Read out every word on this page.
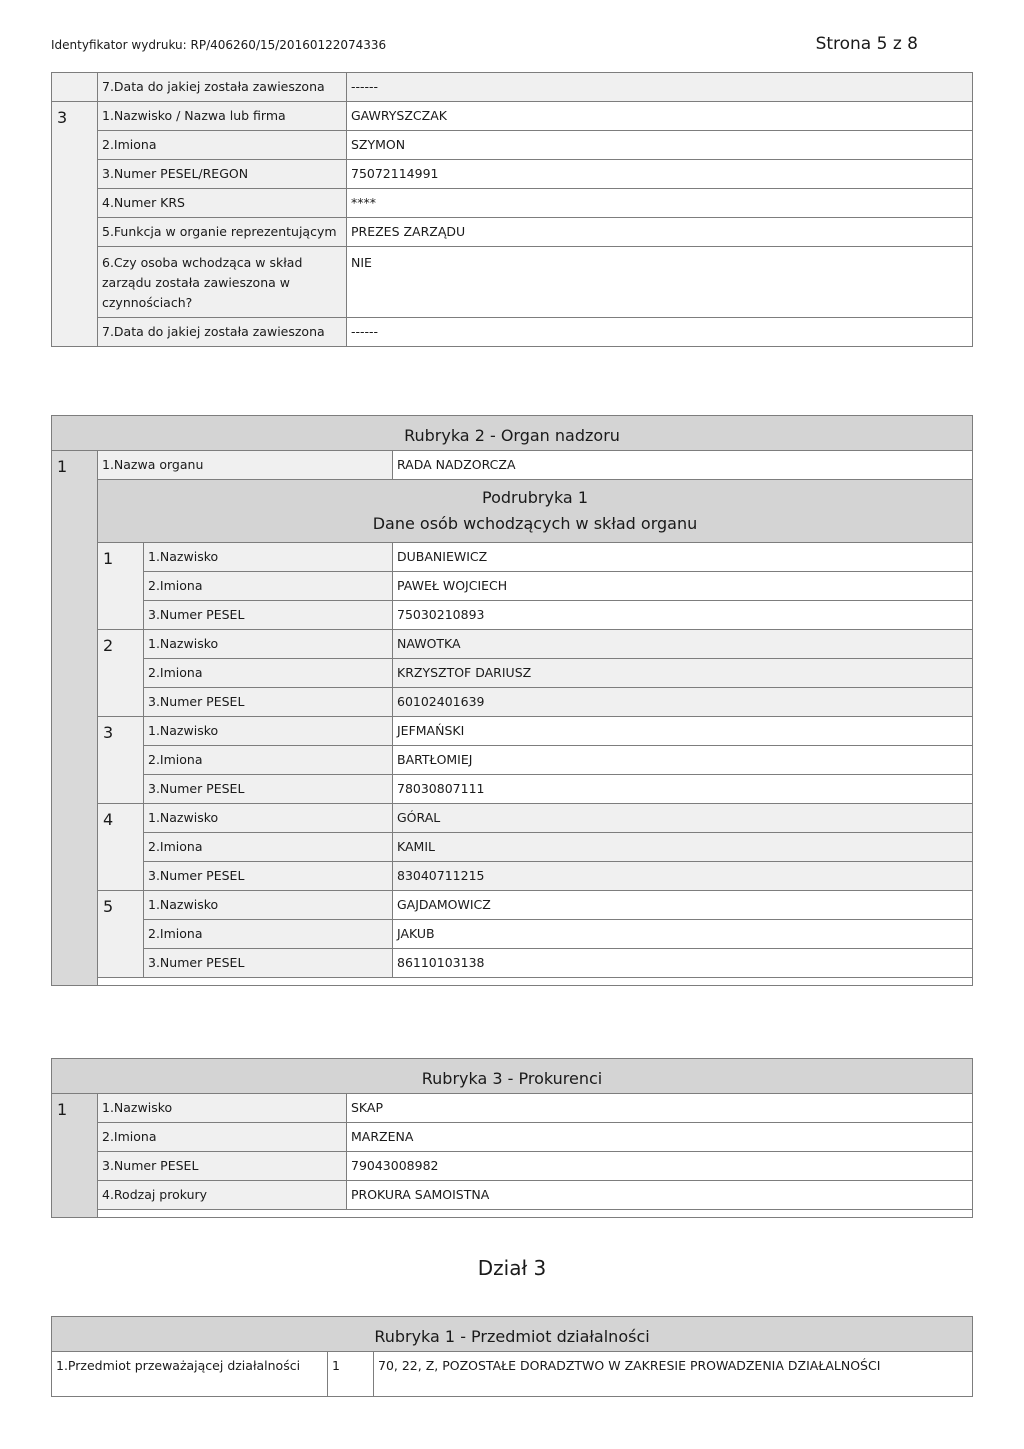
Identyfikator wydruku: RP/406260/15/20160122074336	Strona 5 z 8
	7.Data do jakiej została zawieszona	------
3	1.Nazwisko / Nazwa lub firma	GAWRYSZCZAK
	2.Imiona	SZYMON
	3.Numer PESEL/REGON	75072114991
	4.Numer KRS	****
	5.Funkcja w organie reprezentującym	PREZES ZARZĄDU
	6.Czy osoba wchodząca w skład zarządu została zawieszona w czynnościach?	NIE
	7.Data do jakiej została zawieszona	------
Rubryka 2 - Organ nadzoru			
1	1.Nazwa organu		RADA NADZORCZA

	Podrubryka 1
Dane osób wchodzących w skład organu		

	1	1.Nazwisko	DUBANIEWICZ
		2.Imiona	PAWEŁ WOJCIECH
		3.Numer PESEL	75030210893
	2	1.Nazwisko	NAWOTKA
		2.Imiona	KRZYSZTOF DARIUSZ
		3.Numer PESEL	60102401639
	3	1.Nazwisko	JEFMAŃSKI
		2.Imiona	BARTŁOMIEJ
		3.Numer PESEL	78030807111
	4	1.Nazwisko	GÓRAL
		2.Imiona	KAMIL
		3.Numer PESEL	83040711215
	5	1.Nazwisko	GAJDAMOWICZ
		2.Imiona	JAKUB
		3.Numer PESEL	86110103138

Rubryka 3 - Prokurenci		
1	1.Nazwisko	SKAP
	2.Imiona	MARZENA
	3.Numer PESEL	79043008982
	4.Rodzaj prokury	PROKURA SAMOISTNA

Dział 3
Rubryka 1 - Przedmiot działalności
1.Przedmiot przeważającej działalności	1	70, 22, Z, POZOSTAŁE DORADZTWO W ZAKRESIE PROWADZENIA DZIAŁALNOŚCI
